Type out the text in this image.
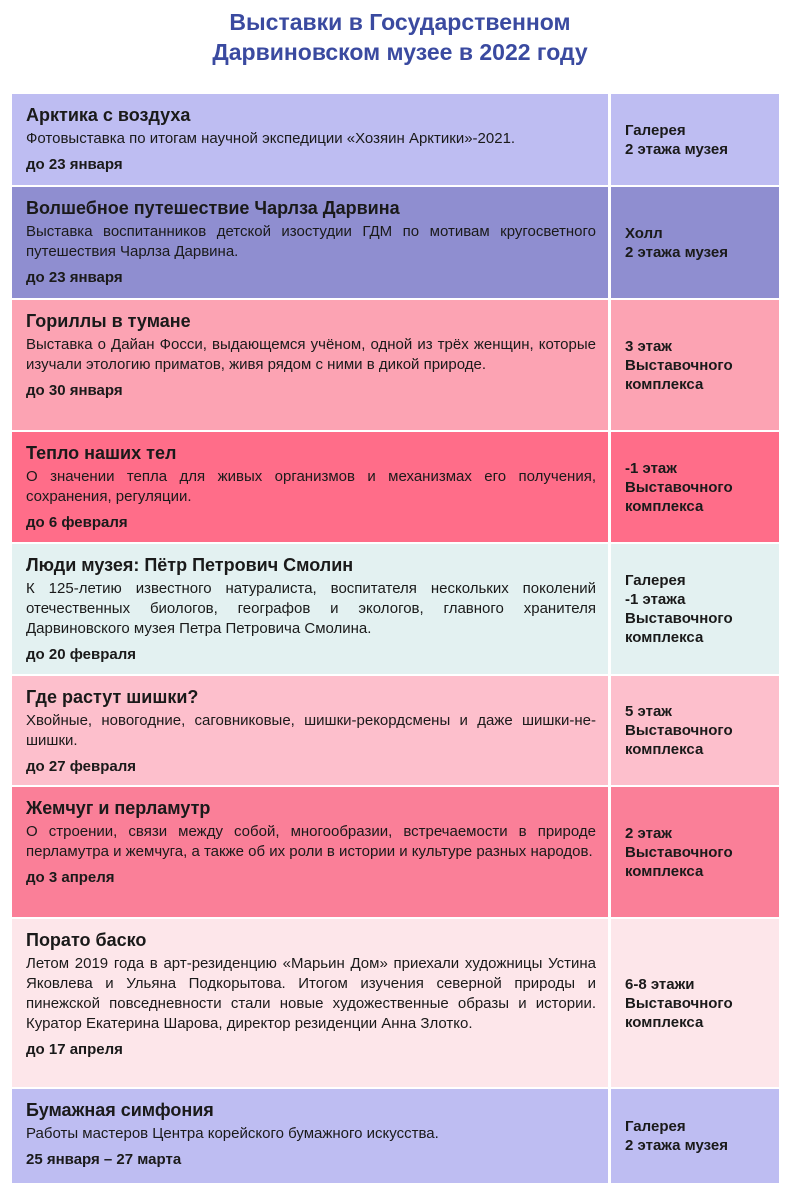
Выставки в Государственном
Дарвиновском музее в 2022 году
Арктика с воздуха
Фотовыставка по итогам научной экспедиции «Хозяин Арктики»-2021.
до 23 января
Галерея
2 этажа музея
Волшебное путешествие Чарлза Дарвина
Выставка воспитанников детской изостудии ГДМ по мотивам кругосветного путешествия Чарлза Дарвина.
до 23 января
Холл
2 этажа музея
Гориллы в тумане
Выставка о Дайан Фосси, выдающемся учёном, одной из трёх женщин, которые изучали этологию приматов, живя рядом с ними в дикой природе.
до 30 января
3 этаж
Выставочного
комплекса
Тепло наших тел
О значении тепла для живых организмов и механизмах его получения, сохранения, регуляции.
до 6 февраля
-1 этаж
Выставочного
комплекса
Люди музея: Пётр Петрович Смолин
К 125-летию известного натуралиста, воспитателя нескольких поколений отечественных биологов, географов и экологов, главного хранителя Дарвиновского музея Петра Петровича Смолина.
до 20 февраля
Галерея
-1 этажа
Выставочного
комплекса
Где растут шишки?
Хвойные, новогодние, саговниковые, шишки-рекордсмены и даже шишки-не-шишки.
до 27 февраля
5 этаж
Выставочного
комплекса
Жемчуг и перламутр
О строении, связи между собой, многообразии, встречаемости в природе перламутра и жемчуга, а также об их роли в истории и культуре разных народов.
до 3 апреля
2 этаж
Выставочного
комплекса
Порато баско
Летом 2019 года в арт-резиденцию «Марьин Дом» приехали художницы Устина Яковлева и Ульяна Подкорытова. Итогом изучения северной природы и пинежской повседневности стали новые художественные образы и истории. Куратор Екатерина Шарова, директор резиденции Анна Злотко.
до 17 апреля
6-8 этажи
Выставочного
комплекса
Бумажная симфония
Работы мастеров Центра корейского бумажного искусства.
25 января – 27 марта
Галерея
2 этажа музея
